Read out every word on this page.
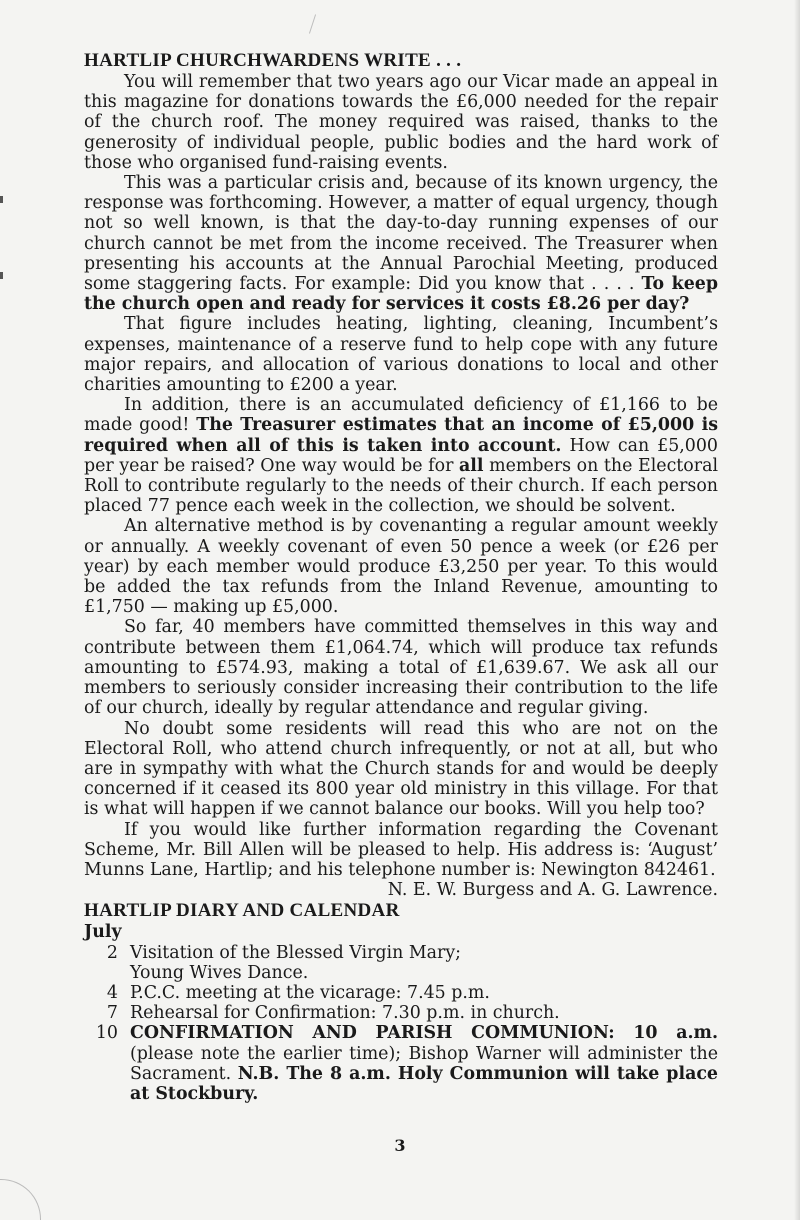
HARTLIP CHURCHWARDENS WRITE . . .

You will remember that two years ago our Vicar made an appeal in this magazine for donations towards the £6,000 needed for the repair of the church roof. The money required was raised, thanks to the generosity of individual people, public bodies and the hard work of those who organised fund-raising events.

This was a particular crisis and, because of its known urgency, the response was forthcoming. However, a matter of equal urgency, though not so well known, is that the day-to-day running expenses of our church cannot be met from the income received. The Treasurer when presenting his accounts at the Annual Parochial Meeting, produced some staggering facts. For example: Did you know that . . . . To keep the church open and ready for services it costs £8.26 per day?

That figure includes heating, lighting, cleaning, Incumbent’s expenses, maintenance of a reserve fund to help cope with any future major repairs, and allocation of various donations to local and other charities amounting to £200 a year.

In addition, there is an accumulated deficiency of £1,166 to be made good! The Treasurer estimates that an income of £5,000 is required when all of this is taken into account. How can £5,000 per year be raised? One way would be for all members on the Electoral Roll to contribute regularly to the needs of their church. If each person placed 77 pence each week in the collection, we should be solvent.

An alternative method is by covenanting a regular amount weekly or annually. A weekly covenant of even 50 pence a week (or £26 per year) by each member would produce £3,250 per year. To this would be added the tax refunds from the Inland Revenue, amounting to £1,750 — making up £5,000.

So far, 40 members have committed themselves in this way and contribute between them £1,064.74, which will produce tax refunds amounting to £574.93, making a total of £1,639.67. We ask all our members to seriously consider increasing their contribution to the life of our church, ideally by regular attendance and regular giving.

No doubt some residents will read this who are not on the Electoral Roll, who attend church infrequently, or not at all, but who are in sympathy with what the Church stands for and would be deeply concerned if it ceased its 800 year old ministry in this village. For that is what will happen if we cannot balance our books. Will you help too?

If you would like further information regarding the Covenant Scheme, Mr. Bill Allen will be pleased to help. His address is: ‘August’ Munns Lane, Hartlip; and his telephone number is: Newington 842461.

N. E. W. Burgess and A. G. Lawrence.

HARTLIP DIARY AND CALENDAR

July

2 Visitation of the Blessed Virgin Mary;
Young Wives Dance.
4 P.C.C. meeting at the vicarage: 7.45 p.m.
7 Rehearsal for Confirmation: 7.30 p.m. in church.
10 CONFIRMATION AND PARISH COMMUNION: 10 a.m. (please note the earlier time); Bishop Warner will administer the Sacrament. N.B. The 8 a.m. Holy Communion will take place at Stockbury.
3
